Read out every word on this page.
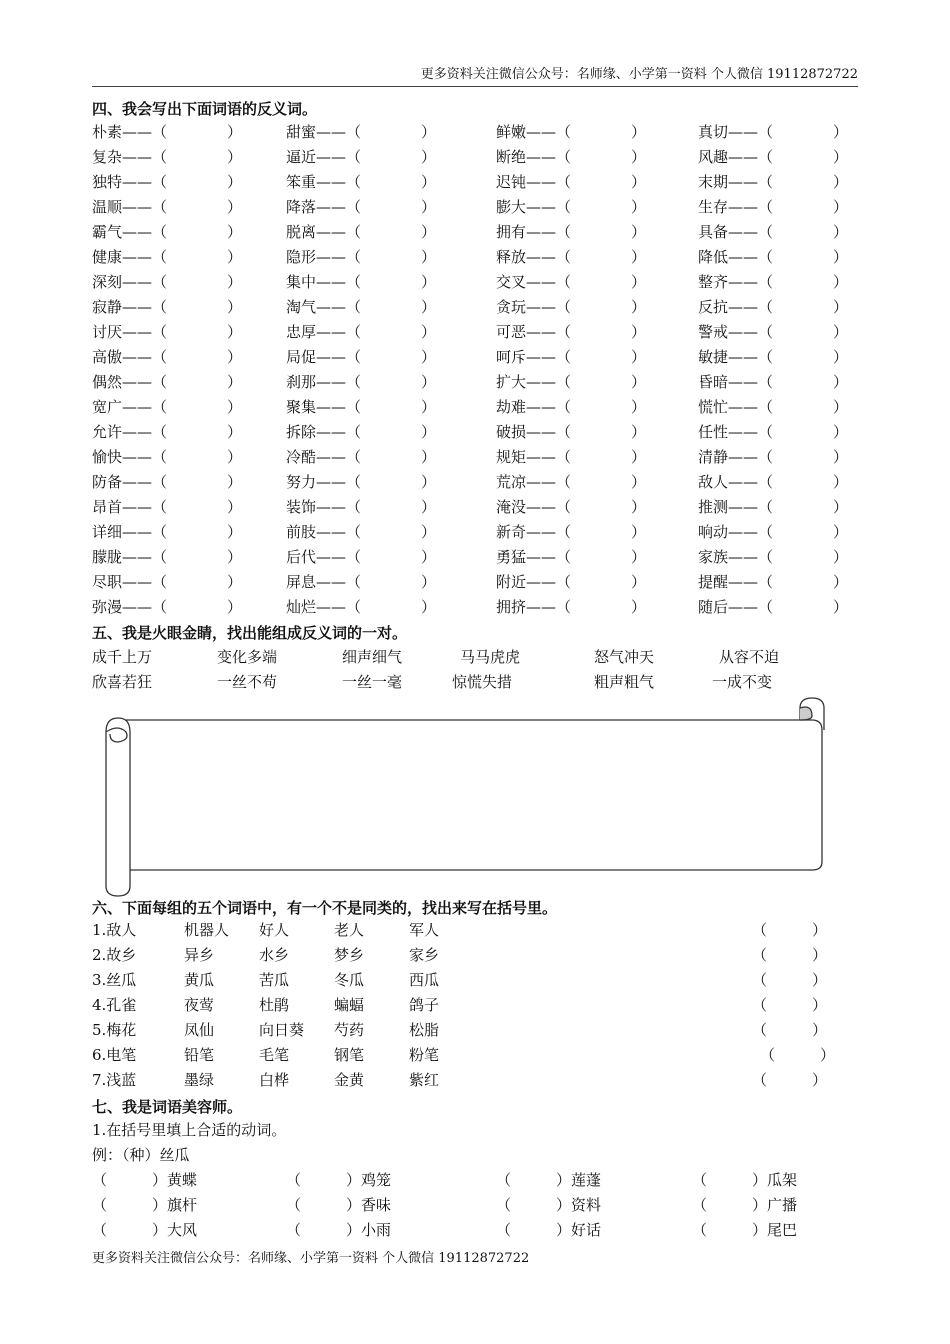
更多资料关注微信公众号：名师缘、小学第一资料 个人微信 19112872722
四、我会写出下面词语的反义词。
朴素——（　　　　）	甜蜜——（　　　　）	鲜嫩——（　　　　）	真切——（　　　　）
复杂——（　　　　）	逼近——（　　　　）	断绝——（　　　　）	风趣——（　　　　）
独特——（　　　　）	笨重——（　　　　）	迟钝——（　　　　）	末期——（　　　　）
温顺——（　　　　）	降落——（　　　　）	膨大——（　　　　）	生存——（　　　　）
霸气——（　　　　）	脱离——（　　　　）	拥有——（　　　　）	具备——（　　　　）
健康——（　　　　）	隐形——（　　　　）	释放——（　　　　）	降低——（　　　　）
深刻——（　　　　）	集中——（　　　　）	交叉——（　　　　）	整齐——（　　　　）
寂静——（　　　　）	淘气——（　　　　）	贪玩——（　　　　）	反抗——（　　　　）
讨厌——（　　　　）	忠厚——（　　　　）	可恶——（　　　　）	警戒——（　　　　）
高傲——（　　　　）	局促——（　　　　）	呵斥——（　　　　）	敏捷——（　　　　）
偶然——（　　　　）	刹那——（　　　　）	扩大——（　　　　）	昏暗——（　　　　）
宽广——（　　　　）	聚集——（　　　　）	劫难——（　　　　）	慌忙——（　　　　）
允许——（　　　　）	拆除——（　　　　）	破损——（　　　　）	任性——（　　　　）
愉快——（　　　　）	冷酷——（　　　　）	规矩——（　　　　）	清静——（　　　　）
防备——（　　　　）	努力——（　　　　）	荒凉——（　　　　）	敌人——（　　　　）
昂首——（　　　　）	装饰——（　　　　）	淹没——（　　　　）	推测——（　　　　）
详细——（　　　　）	前肢——（　　　　）	新奇——（　　　　）	响动——（　　　　）
朦胧——（　　　　）	后代——（　　　　）	勇猛——（　　　　）	家族——（　　　　）
尽职——（　　　　）	屏息——（　　　　）	附近——（　　　　）	提醒——（　　　　）
弥漫——（　　　　）	灿烂——（　　　　）	拥挤——（　　　　）	随后——（　　　　）
五、我是火眼金睛，找出能组成反义词的一对。
成千上万	变化多端	细声细气	马马虎虎	怒气冲天	从容不迫
欣喜若狂	一丝不苟	一丝一毫	惊慌失措	粗声粗气	一成不变
六、下面每组的五个词语中，有一个不是同类的，找出来写在括号里。
1.敌人	机器人 好人	老人	军人	（　　　）
2.故乡	异乡	水乡	梦乡	家乡	（　　　）
3.丝瓜	黄瓜	苦瓜	冬瓜	西瓜	（　　　）
4.孔雀	夜莺	杜鹃	蝙蝠	鸽子	（　　　）
5.梅花	凤仙	向日葵 芍药	松脂	（　　　）
6.电笔	铅笔	毛笔	钢笔	粉笔	（　　　）
7.浅蓝	墨绿	白桦	金黄	紫红	（　　　）
七、我是词语美容师。
1.在括号里填上合适的动词。
例：（种）丝瓜
（　　　）黄蝶	（　　　）鸡笼	（　　　）莲蓬	（　　　）瓜架
（　　　）旗杆	（　　　）香味	（　　　）资料	（　　　）广播
（　　　）大风	（　　　）小雨	（　　　）好话	（　　　）尾巴
更多资料关注微信公众号：名师缘、小学第一资料 个人微信 19112872722
